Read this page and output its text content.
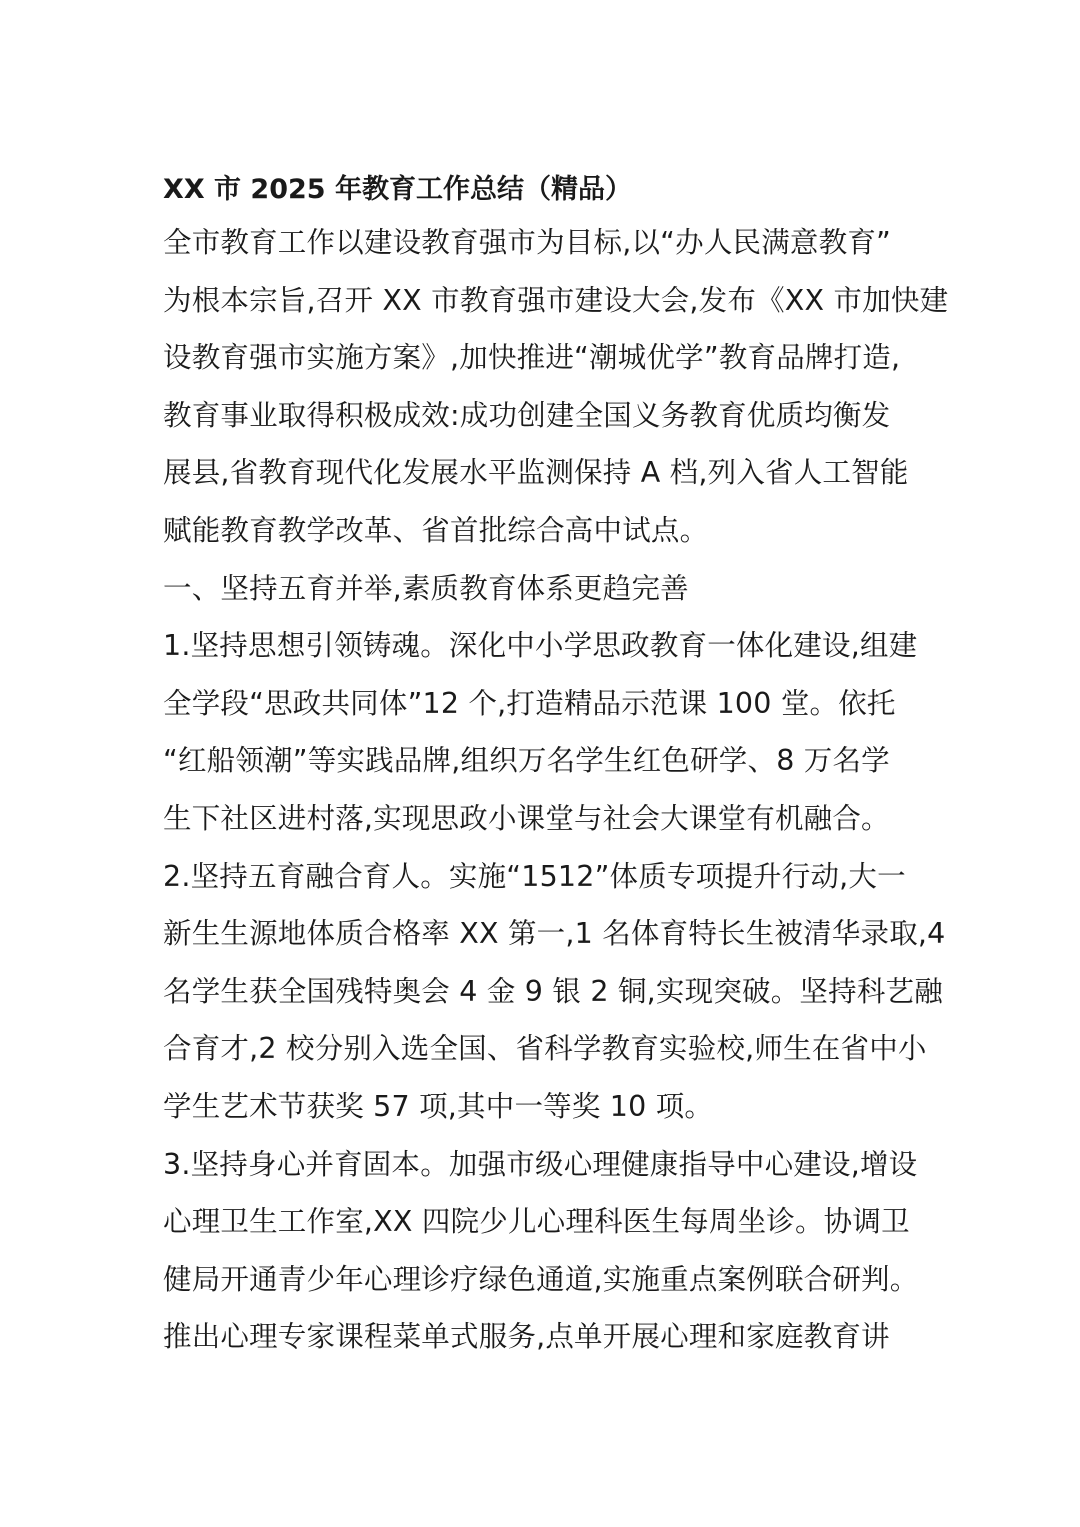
XX 市 2025 年教育工作总结（精品）
全市教育工作以建设教育强市为目标,以“办人民满意教育”
为根本宗旨,召开 XX 市教育强市建设大会,发布《XX 市加快建
设教育强市实施方案》,加快推进“潮城优学”教育品牌打造,
教育事业取得积极成效:成功创建全国义务教育优质均衡发
展县,省教育现代化发展水平监测保持 A 档,列入省人工智能
赋能教育教学改革、省首批综合高中试点。
一、坚持五育并举,素质教育体系更趋完善
1.坚持思想引领铸魂。深化中小学思政教育一体化建设,组建
全学段“思政共同体”12 个,打造精品示范课 100 堂。依托
“红船领潮”等实践品牌,组织万名学生红色研学、8 万名学
生下社区进村落,实现思政小课堂与社会大课堂有机融合。
2.坚持五育融合育人。实施“1512”体质专项提升行动,大一
新生生源地体质合格率 XX 第一,1 名体育特长生被清华录取,4
名学生获全国残特奥会 4 金 9 银 2 铜,实现突破。坚持科艺融
合育才,2 校分别入选全国、省科学教育实验校,师生在省中小
学生艺术节获奖 57 项,其中一等奖 10 项。
3.坚持身心并育固本。加强市级心理健康指导中心建设,增设
心理卫生工作室,XX 四院少儿心理科医生每周坐诊。协调卫
健局开通青少年心理诊疗绿色通道,实施重点案例联合研判。
推出心理专家课程菜单式服务,点单开展心理和家庭教育讲
